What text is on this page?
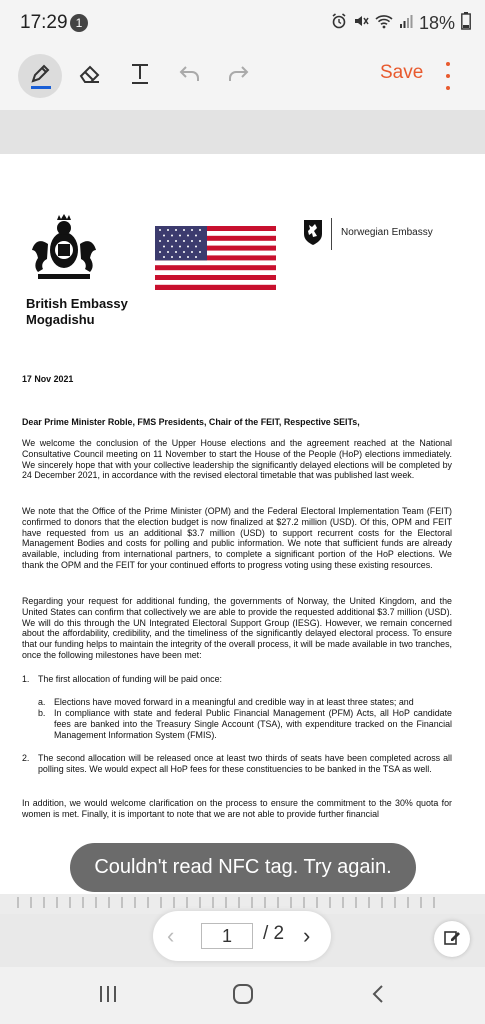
17:29 1	18%
Save
Norwegian Embassy
British Embassy
Mogadishu
17 Nov 2021
Dear Prime Minister Roble, FMS Presidents, Chair of the FEIT, Respective SEITs,
We welcome the conclusion of the Upper House elections and the agreement reached at the National Consultative Council meeting on 11 November to start the House of the People (HoP) elections immediately. We sincerely hope that with your collective leadership the significantly delayed elections will be completed by 24 December 2021, in accordance with the revised electoral timetable that was published last week.
We note that the Office of the Prime Minister (OPM) and the Federal Electoral Implementation Team (FEIT) confirmed to donors that the election budget is now finalized at $27.2 million (USD). Of this, OPM and FEIT have requested from us an additional $3.7 million (USD) to support recurrent costs for the Electoral Management Bodies and costs for polling and public information. We note that sufficient funds are already available, including from international partners, to complete a significant portion of the HoP elections. We thank the OPM and the FEIT for your continued efforts to progress voting using these existing resources.
Regarding your request for additional funding, the governments of Norway, the United Kingdom, and the United States can confirm that collectively we are able to provide the requested additional $3.7 million (USD). We will do this through the UN Integrated Electoral Support Group (IESG). However, we remain concerned about the affordability, credibility, and the timeliness of the significantly delayed electoral process. To ensure that our funding helps to maintain the integrity of the overall process, it will be made available in two tranches, once the following milestones have been met:
1. The first allocation of funding will be paid once:
a. Elections have moved forward in a meaningful and credible way in at least three states; and
b. In compliance with state and federal Public Financial Management (PFM) Acts, all HoP candidate fees are banked into the Treasury Single Account (TSA), with expenditure tracked on the Financial Management Information System (FMIS).
2. The second allocation will be released once at least two thirds of seats have been completed across all polling sites. We would expect all HoP fees for these constituencies to be banked in the TSA as well.
In addition, we would welcome clarification on the process to ensure the commitment to the 30% quota for women is met. Finally, it is important to note that we are not able to provide further financial
Couldn't read NFC tag. Try again.
‹	1	/ 2 ›
